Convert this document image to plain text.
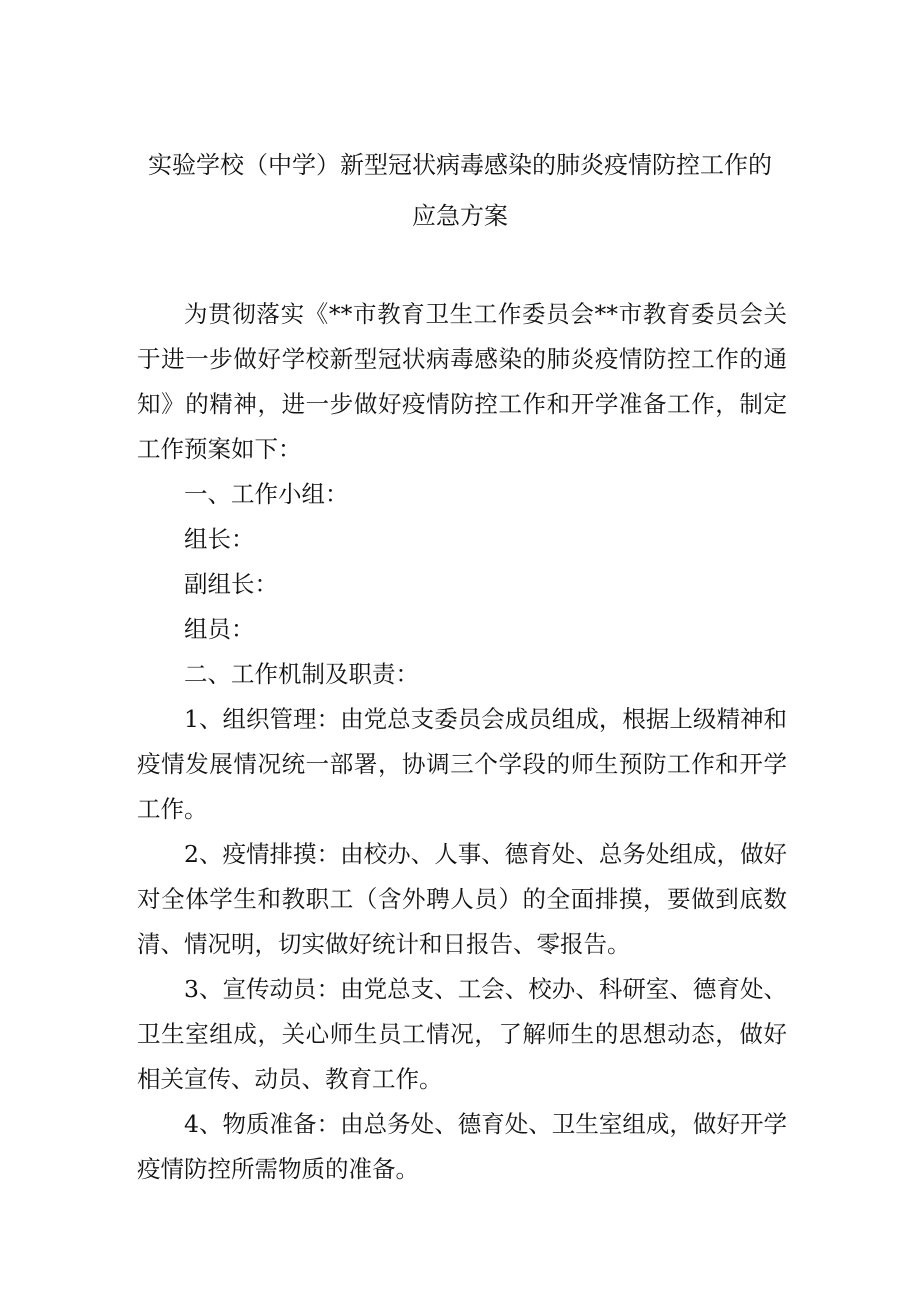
实验学校（中学）新型冠状病毒感染的肺炎疫情防控工作的
应急方案

为贯彻落实《**市教育卫生工作委员会**市教育委员会关于进一步做好学校新型冠状病毒感染的肺炎疫情防控工作的通知》的精神，进一步做好疫情防控工作和开学准备工作，制定工作预案如下：

一、工作小组：

组长：

副组长：

组员：

二、工作机制及职责：

1、组织管理：由党总支委员会成员组成，根据上级精神和疫情发展情况统一部署，协调三个学段的师生预防工作和开学工作。

2、疫情排摸：由校办、人事、德育处、总务处组成，做好对全体学生和教职工（含外聘人员）的全面排摸，要做到底数清、情况明，切实做好统计和日报告、零报告。

3、宣传动员：由党总支、工会、校办、科研室、德育处、卫生室组成，关心师生员工情况，了解师生的思想动态，做好相关宣传、动员、教育工作。

4、物质准备：由总务处、德育处、卫生室组成，做好开学疫情防控所需物质的准备。
